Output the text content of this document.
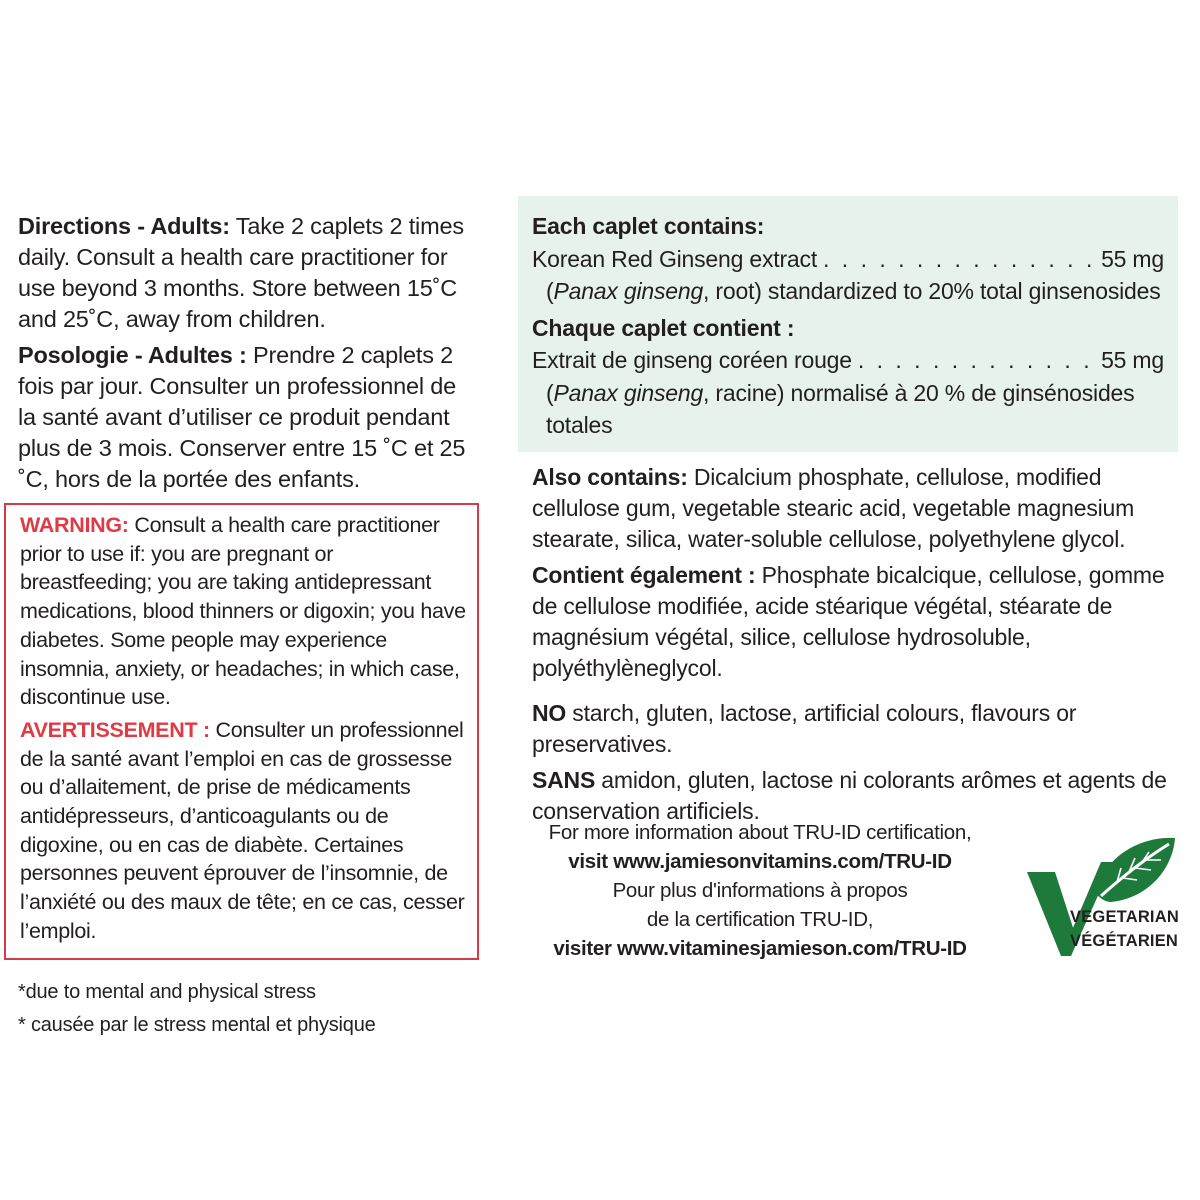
Directions - Adults: Take 2 caplets 2 times daily. Consult a health care practitioner for use beyond 3 months. Store between 15˚C and 25˚C, away from children.

Posologie - Adultes : Prendre 2 caplets 2 fois par jour. Consulter un professionnel de la santé avant d’utiliser ce produit pendant plus de 3 mois. Conserver entre 15 ˚C et 25 ˚C, hors de la portée des enfants.

WARNING: Consult a health care practitioner prior to use if: you are pregnant or breastfeeding; you are taking antidepressant medications, blood thinners or digoxin; you have diabetes. Some people may experience insomnia, anxiety, or headaches; in which case, discontinue use.

AVERTISSEMENT : Consulter un professionnel de la santé avant l’emploi en cas de grossesse ou d’allaitement, de prise de médicaments antidépresseurs, d’anticoagulants ou de digoxine, ou en cas de diabète. Certaines personnes peuvent éprouver de l’insomnie, de l’anxiété ou des maux de tête; en ce cas, cesser l’emploi.

*due to mental and physical stress
* causée par le stress mental et physique
Each caplet contains:
Korean Red Ginseng extract . . .	55 mg
(Panax ginseng, root) standardized to 20% total ginsenosides
Chaque caplet contient :
Extrait de ginseng coréen rouge . . .	55 mg
(Panax ginseng, racine) normalisé à 20 % de ginsénosides totales

Also contains: Dicalcium phosphate, cellulose, modified cellulose gum, vegetable stearic acid, vegetable magnesium stearate, silica, water-soluble cellulose, polyethylene glycol.

Contient également : Phosphate bicalcique, cellulose, gomme de cellulose modifiée, acide stéarique végétal, stéarate de magnésium végétal, silice, cellulose hydrosoluble, polyéthylèneglycol.

NO starch, gluten, lactose, artificial colours, flavours or preservatives.

SANS amidon, gluten, lactose ni colorants arômes et agents de conservation artificiels.

For more information about TRU-ID certification,
visit www.jamiesonvitamins.com/TRU-ID
Pour plus d'informations à propos
de la certification TRU-ID,
visiter www.vitaminesjamieson.com/TRU-ID
VEGETARIAN
VÉGÉTARIEN
